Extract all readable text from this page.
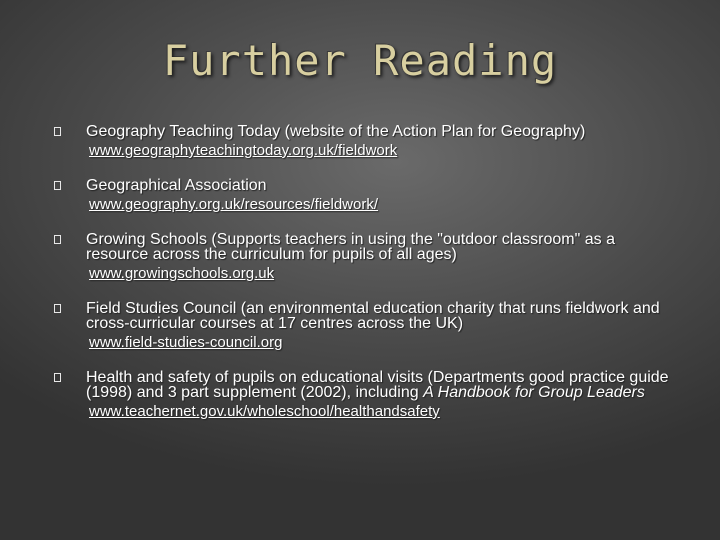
Further Reading
Geography Teaching Today (website of the Action Plan for Geography)
www.geographyteachingtoday.org.uk/fieldwork
Geographical Association
www.geography.org.uk/resources/fieldwork/
Growing Schools (Supports teachers in using the "outdoor classroom" as a resource across the curriculum for pupils of all ages)
www.growingschools.org.uk
Field Studies Council (an environmental education charity that runs fieldwork and cross-curricular courses at 17 centres across the UK)
www.field-studies-council.org
Health and safety of pupils on educational visits (Departments good practice guide (1998) and 3 part supplement (2002), including A Handbook for Group Leaders
www.teachernet.gov.uk/wholeschool/healthandsafety
